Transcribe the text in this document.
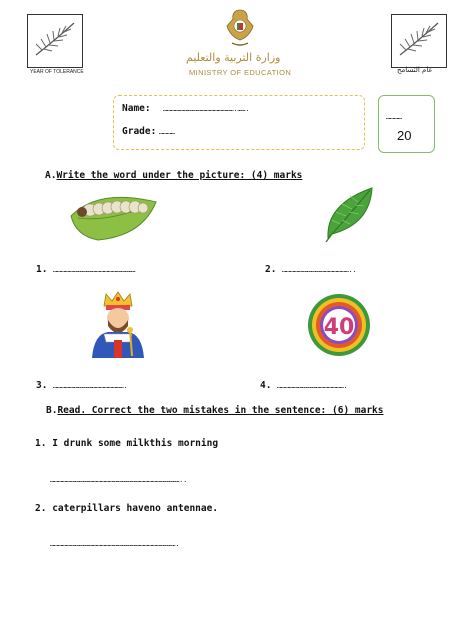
YEAR OF TOLERANCE
وزارة التربية والتعليم
MINISTRY OF EDUCATION	عام التسامح
Name: ……………………………………………….…….
Grade: …………
…………
20
A.Write the word under the picture: (4) marks
1. ………………………………………………………	2. ……………………………………………..
40
3. ……………………………………………….	4. …………………………………………….
B.Read. Correct the two mistakes in the sentence: (6) marks
1. I drunk some milkthis morning
………………………………………………………………………………………..
2. caterpillars haveno antennae.
…………………………………………………………………………………….
